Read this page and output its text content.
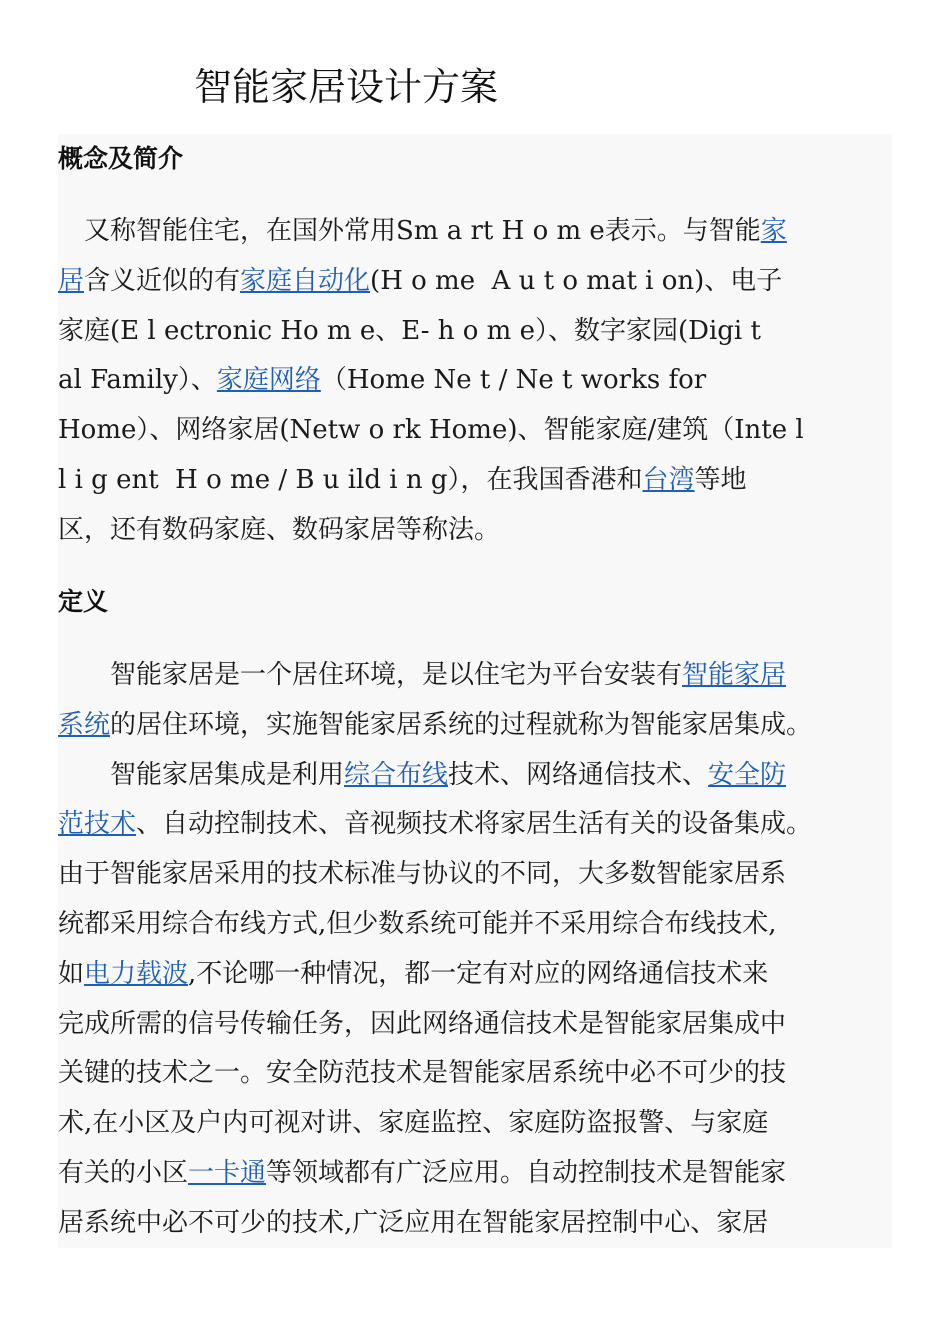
智能家居设计方案
概念及简介
　又称智能住宅，在国外常用Sm a rt H o m e表示。与智能家
居含义近似的有家庭自动化(H o me  A u t o mat i on)、电子
家庭(E l ectronic Ho m e、E- h o m e）、数字家园(Digi t
al Family）、家庭网络（Home Ne t / Ne t works for
Home）、网络家居(Netw o rk Home)、智能家庭/建筑（Inte l
l i g ent  H o me / B u ild i n g），在我国香港和台湾等地
区，还有数码家庭、数码家居等称法。
定义
　　智能家居是一个居住环境，是以住宅为平台安装有智能家居
系统的居住环境，实施智能家居系统的过程就称为智能家居集成。
　　智能家居集成是利用综合布线技术、网络通信技术、安全防
范技术、自动控制技术、音视频技术将家居生活有关的设备集成。
由于智能家居采用的技术标准与协议的不同，大多数智能家居系
统都采用综合布线方式,但少数系统可能并不采用综合布线技术,
如电力载波,不论哪一种情况，都一定有对应的网络通信技术来
完成所需的信号传输任务，因此网络通信技术是智能家居集成中
关键的技术之一。安全防范技术是智能家居系统中必不可少的技
术,在小区及户内可视对讲、家庭监控、家庭防盗报警、与家庭
有关的小区一卡通等领域都有广泛应用。自动控制技术是智能家
居系统中必不可少的技术,广泛应用在智能家居控制中心、家居
